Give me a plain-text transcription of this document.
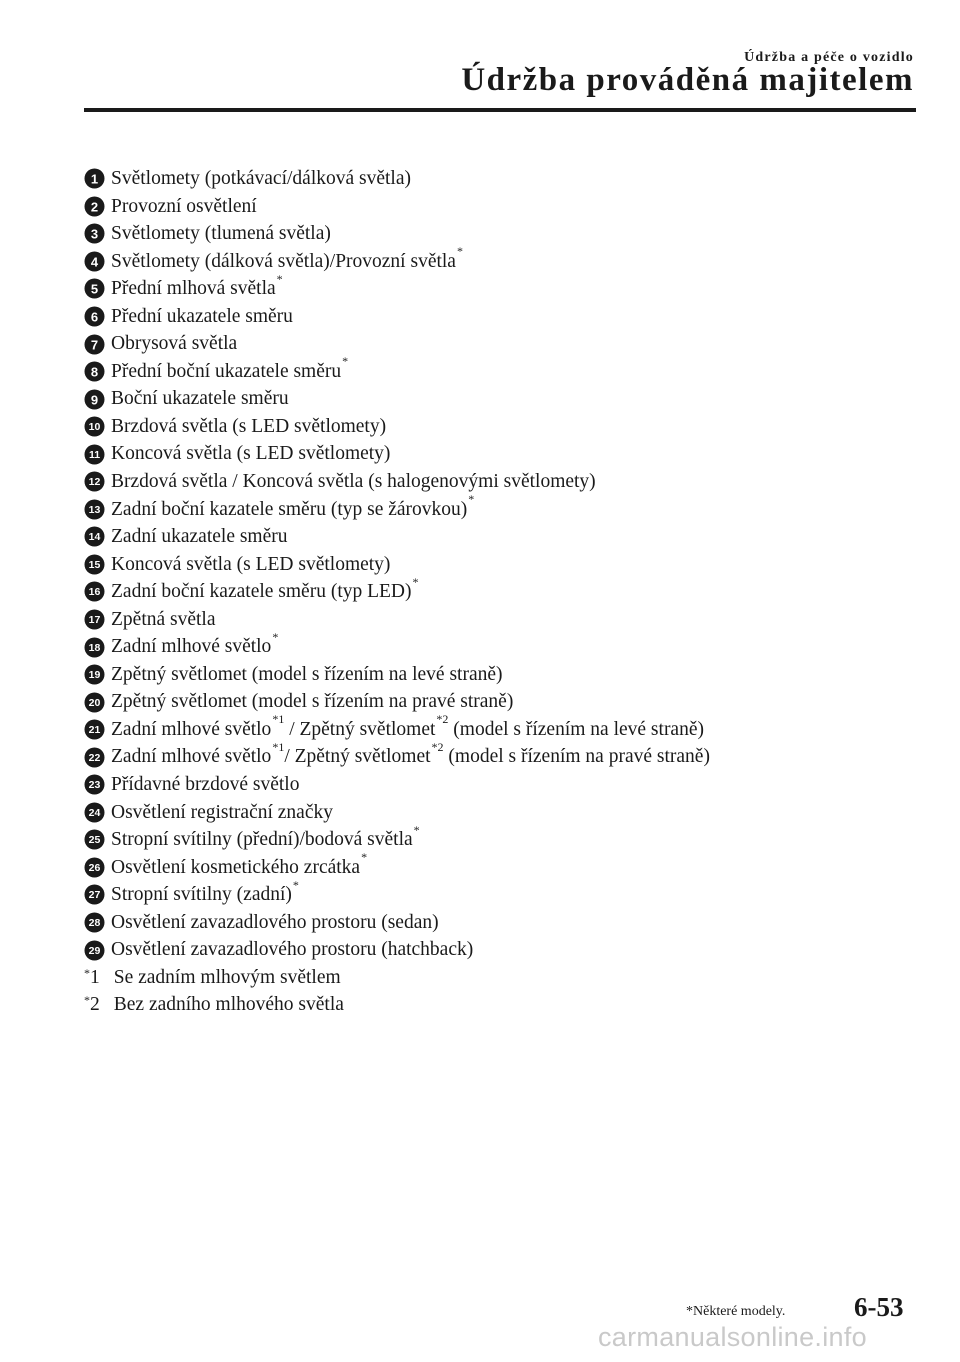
Údržba a péče o vozidlo
Údržba prováděná majitelem
1 Světlomety (potkávací/dálková světla)
2 Provozní osvětlení
3 Světlomety (tlumená světla)
4 Světlomety (dálková světla)/Provozní světla*
5 Přední mlhová světla*
6 Přední ukazatele směru
7 Obrysová světla
8 Přední boční ukazatele směru*
9 Boční ukazatele směru
10 Brzdová světla (s LED světlomety)
11 Koncová světla (s LED světlomety)
12 Brzdová světla / Koncová světla (s halogenovými světlomety)
13 Zadní boční kazatele směru (typ se žárovkou)*
14 Zadní ukazatele směru
15 Koncová světla (s LED světlomety)
16 Zadní boční kazatele směru (typ LED)*
17 Zpětná světla
18 Zadní mlhové světlo*
19 Zpětný světlomet (model s řízením na levé straně)
20 Zpětný světlomet (model s řízením na pravé straně)
21 Zadní mlhové světlo$^{*1}$ / Zpětný světlomet$^{*2}$ (model s řízením na levé straně)
22 Zadní mlhové světlo$^{*1}$/ Zpětný světlomet$^{*2}$ (model s řízením na pravé straně)
23 Přídavné brzdové světlo
24 Osvětlení registrační značky
25 Stropní svítilny (přední)/bodová světla*
26 Osvětlení kosmetického zrcátka*
27 Stropní svítilny (zadní)*
28 Osvětlení zavazadlového prostoru (sedan)
29 Osvětlení zavazadlového prostoru (hatchback)
*1 Se zadním mlhovým světlem
*2 Bez zadního mlhového světla
*Některé modely.	6-53
carmanualsonline.info
